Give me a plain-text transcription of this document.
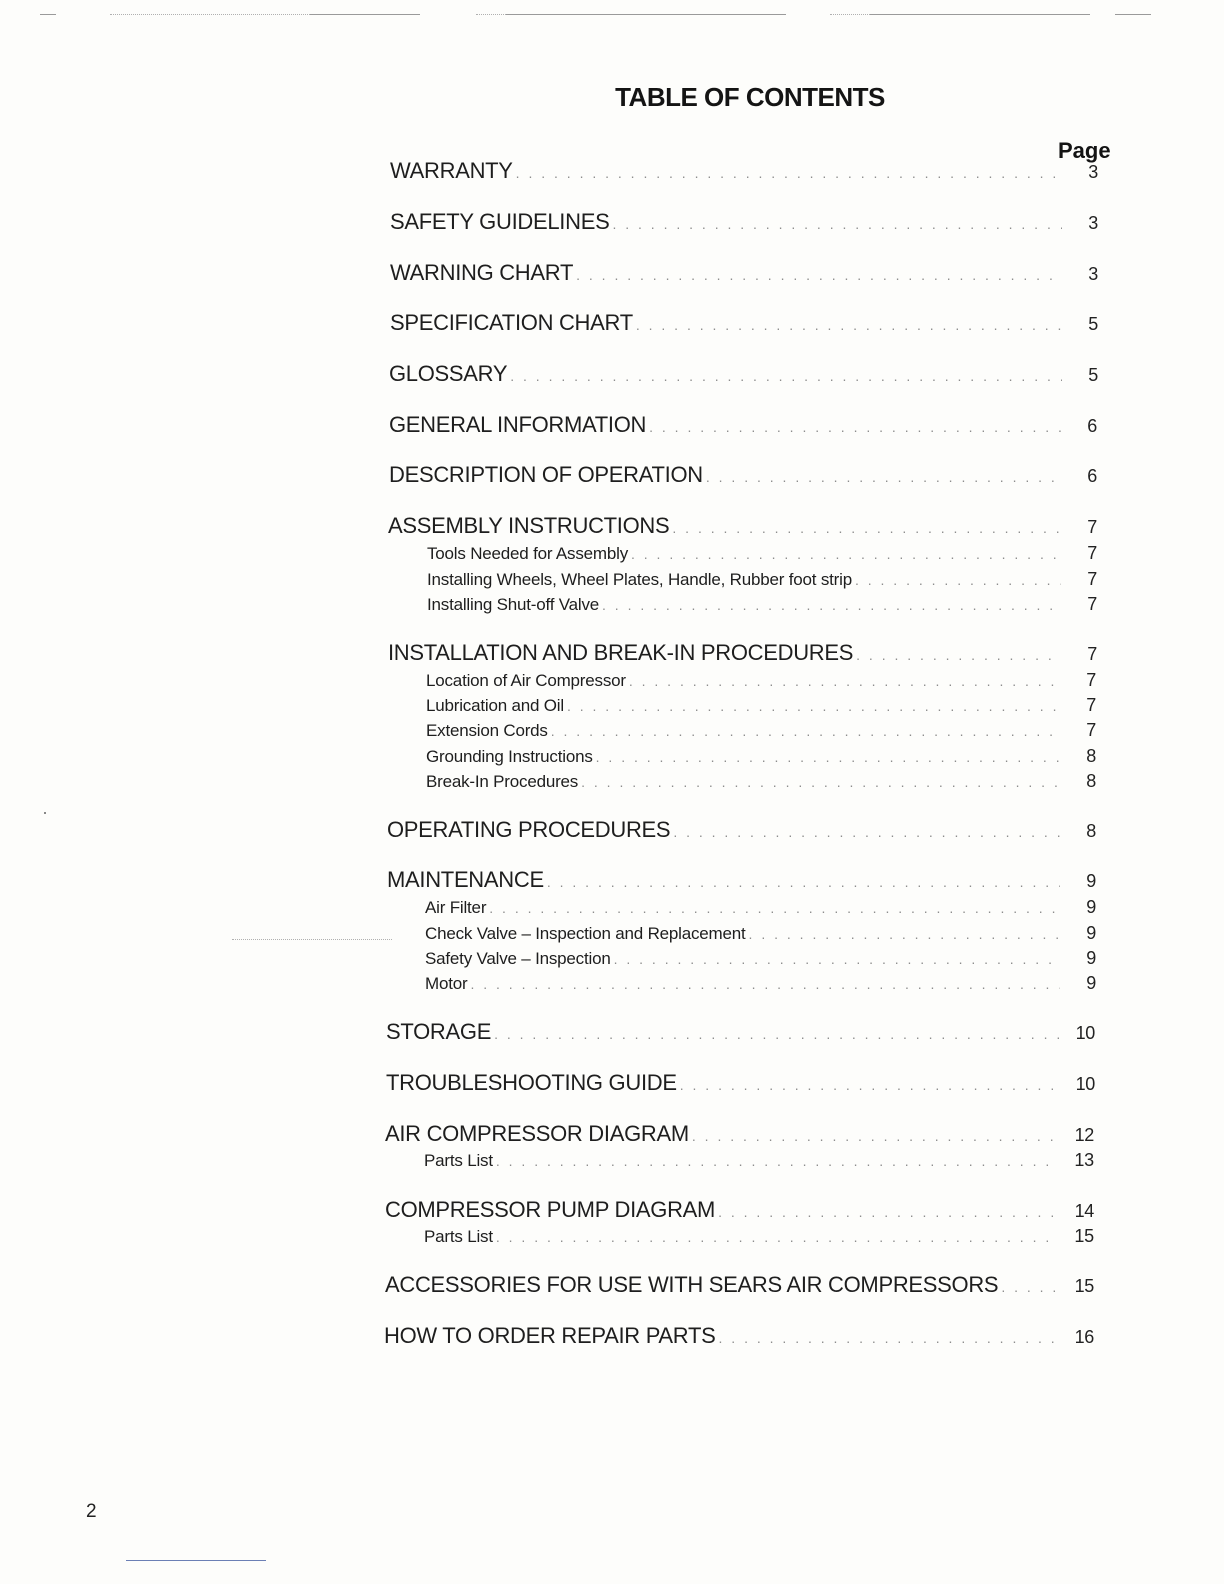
TABLE OF CONTENTS
Page
WARRANTY . . .	3
SAFETY GUIDELINES . . .	3
WARNING CHART . . .	3
SPECIFICATION CHART . . .	5
GLOSSARY . . .	5
GENERAL INFORMATION . . .	6
DESCRIPTION OF OPERATION . . .	6
ASSEMBLY INSTRUCTIONS . . .	7
Tools Needed for Assembly . . .	7
Installing Wheels, Wheel Plates, Handle, Rubber foot strip . . .	7
Installing Shut-off Valve . . .	7
INSTALLATION AND BREAK-IN PROCEDURES . . .	7
Location of Air Compressor . . .	7
Lubrication and Oil . . .	7
Extension Cords . . .	7
Grounding Instructions . . .	8
Break-In Procedures . . .	8
OPERATING PROCEDURES . . .	8
MAINTENANCE . . .	9
Air Filter . . .	9
Check Valve – Inspection and Replacement . . .	9
Safety Valve – Inspection . . .	9
Motor . . .	9
STORAGE . . .	10
TROUBLESHOOTING GUIDE . . .	10
AIR COMPRESSOR DIAGRAM . . .	12
Parts List . . .	13
COMPRESSOR PUMP DIAGRAM . . .	14
Parts List . . .	15
ACCESSORIES FOR USE WITH SEARS AIR COMPRESSORS . . .	15
HOW TO ORDER REPAIR PARTS . . .	16
2
